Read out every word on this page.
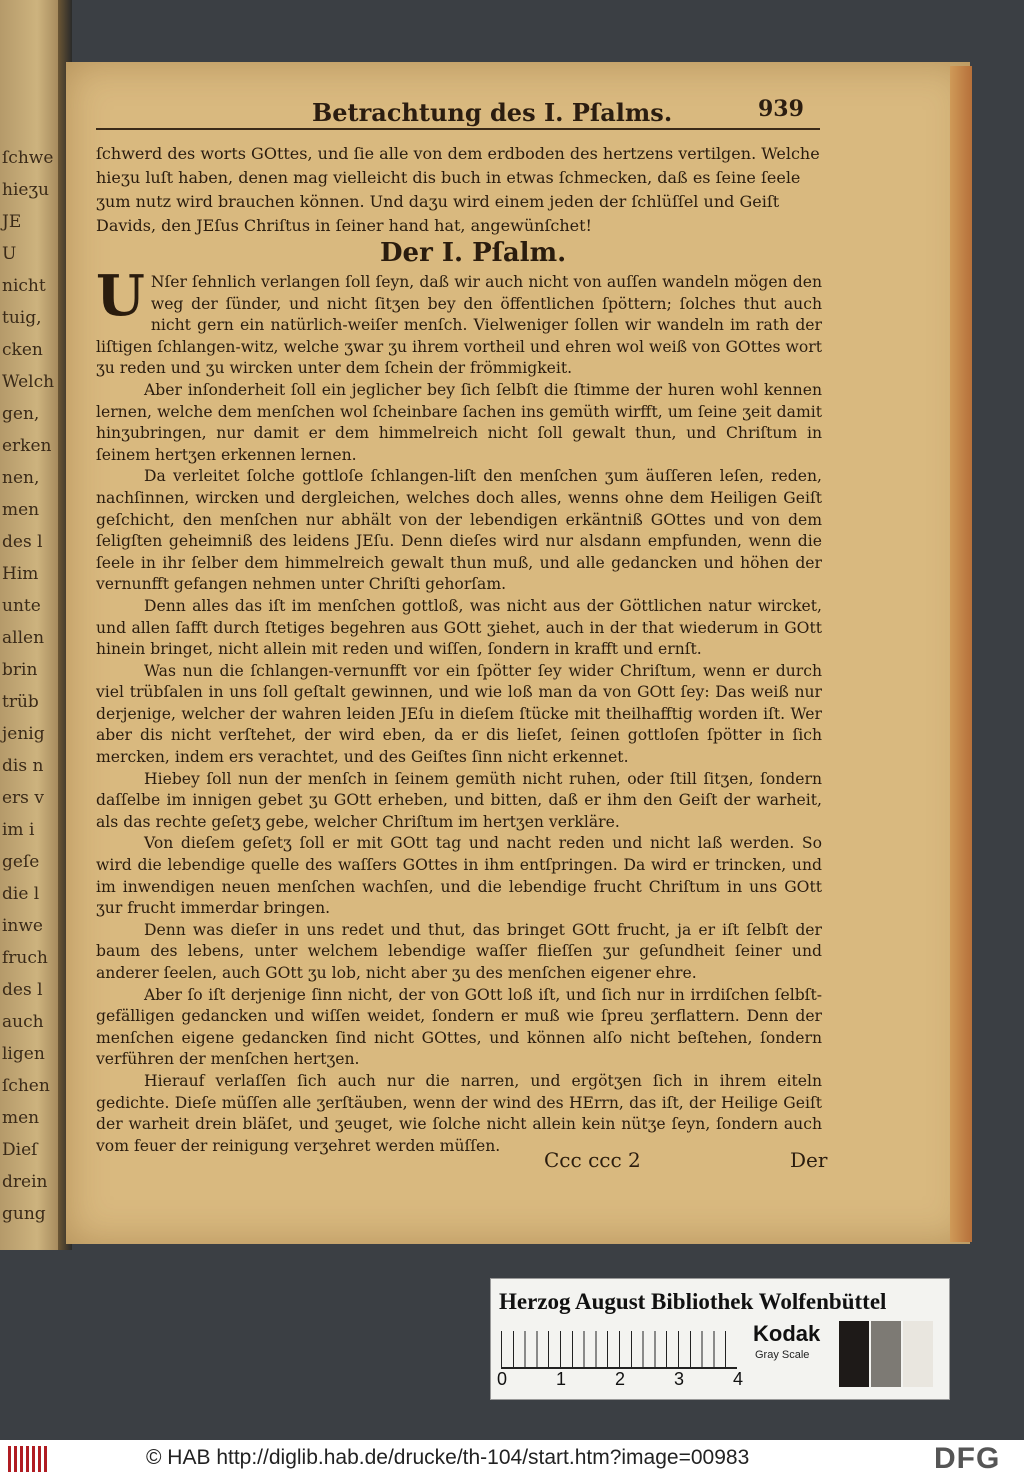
ſchwe
hieʒu
JE
U
nicht
tuig,
cken
Welch
gen,
erken
nen,
men
des l
Him
unte
allen
brin
trüb
jenig
dis n
ers v
im i
geſe
die l
inwe
fruch
des l
auch
ligen
ſchen
men
Dieſ
drein
gung
Betrachtung des I. Pſalms.	939
ſchwerd des worts GOttes, und ſie alle von dem erdboden des hertzens vertilgen. Welche hieʒu luſt haben, denen mag vielleicht dis buch in etwas ſchmecken, daß es ſeine ſeele ʒum nutz wird brauchen können. Und daʒu wird einem jeden der ſchlüſſel und Geiſt Davids, den JEſus Chriſtus in ſeiner hand hat, angewünſchet!
Der I. Pſalm.

U Nſer ſehnlich verlangen ſoll ſeyn, daß wir auch nicht von auſſen wandeln mögen den weg der ſünder, und nicht ſitʒen bey den öffentlichen ſpöttern; ſolches thut auch nicht gern ein natürlich-weiſer menſch. Vielweniger ſollen wir wandeln im rath der liſtigen ſchlangen-witz, welche ʒwar ʒu ihrem vortheil und ehren wol weiß von GOttes wort ʒu reden und ʒu wircken unter dem ſchein der frömmigkeit.

Aber inſonderheit ſoll ein jeglicher bey ſich ſelbſt die ſtimme der huren wohl kennen lernen, welche dem menſchen wol ſcheinbare ſachen ins gemüth wirfft, um ſeine ʒeit damit hinʒubringen, nur damit er dem himmelreich nicht ſoll gewalt thun, und Chriſtum in ſeinem hertʒen erkennen lernen.

Da verleitet ſolche gottloſe ſchlangen-liſt den menſchen ʒum äuſſeren leſen, reden, nachſinnen, wircken und dergleichen, welches doch alles, wenns ohne dem Heiligen Geiſt geſchicht, den menſchen nur abhält von der lebendigen erkäntniß GOttes und von dem ſeligſten geheimniß des leidens JEſu. Denn dieſes wird nur alsdann empfunden, wenn die ſeele in ihr ſelber dem himmelreich gewalt thun muß, und alle gedancken und höhen der vernunfft gefangen nehmen unter Chriſti gehorſam.

Denn alles das iſt im menſchen gottloß, was nicht aus der Göttlichen natur wircket, und allen ſafft durch ſtetiges begehren aus GOtt ʒiehet, auch in der that wiederum in GOtt hinein bringet, nicht allein mit reden und wiſſen, ſondern in krafft und ernſt.

Was nun die ſchlangen-vernunfft vor ein ſpötter ſey wider Chriſtum, wenn er durch viel trübſalen in uns ſoll geſtalt gewinnen, und wie loß man da von GOtt ſey: Das weiß nur derjenige, welcher der wahren leiden JEſu in dieſem ſtücke mit theilhafftig worden iſt. Wer aber dis nicht verſtehet, der wird eben, da er dis lieſet, ſeinen gottloſen ſpötter in ſich mercken, indem ers verachtet, und des Geiſtes ſinn nicht erkennet.

Hiebey ſoll nun der menſch in ſeinem gemüth nicht ruhen, oder ſtill ſitʒen, ſondern daſſelbe im innigen gebet ʒu GOtt erheben, und bitten, daß er ihm den Geiſt der warheit, als das rechte geſetʒ gebe, welcher Chriſtum im hertʒen verkläre.

Von dieſem geſetʒ ſoll er mit GOtt tag und nacht reden und nicht laß werden. So wird die lebendige quelle des waſſers GOttes in ihm entſpringen. Da wird er trincken, und im inwendigen neuen menſchen wachſen, und die lebendige frucht Chriſtum in uns GOtt ʒur frucht immerdar bringen.

Denn was dieſer in uns redet und thut, das bringet GOtt frucht, ja er iſt ſelbſt der baum des lebens, unter welchem lebendige waſſer flieſſen ʒur geſundheit ſeiner und anderer ſeelen, auch GOtt ʒu lob, nicht aber ʒu des menſchen eigener ehre.

Aber ſo iſt derjenige ſinn nicht, der von GOtt loß iſt, und ſich nur in irrdiſchen ſelbſt-gefälligen gedancken und wiſſen weidet, ſondern er muß wie ſpreu ʒerflattern. Denn der menſchen eigene gedancken ſind nicht GOttes, und können alſo nicht beſtehen, ſondern verführen der menſchen hertʒen.

Hierauf verlaſſen ſich auch nur die narren, und ergötʒen ſich in ihrem eiteln gedichte. Dieſe müſſen alle ʒerſtäuben, wenn der wind des HErrn, das iſt, der Heilige Geiſt der warheit drein bläſet, und ʒeuget, wie ſolche nicht allein kein nütʒe ſeyn, ſondern auch vom feuer der reinigung verʒehret werden müſſen.

Ccc ccc 2	Der
Herzog August Bibliothek Wolfenbüttel
0	1	2	3	4
Kodak
Gray Scale
© HAB http://diglib.hab.de/drucke/th-104/start.htm?image=00983	DFG
